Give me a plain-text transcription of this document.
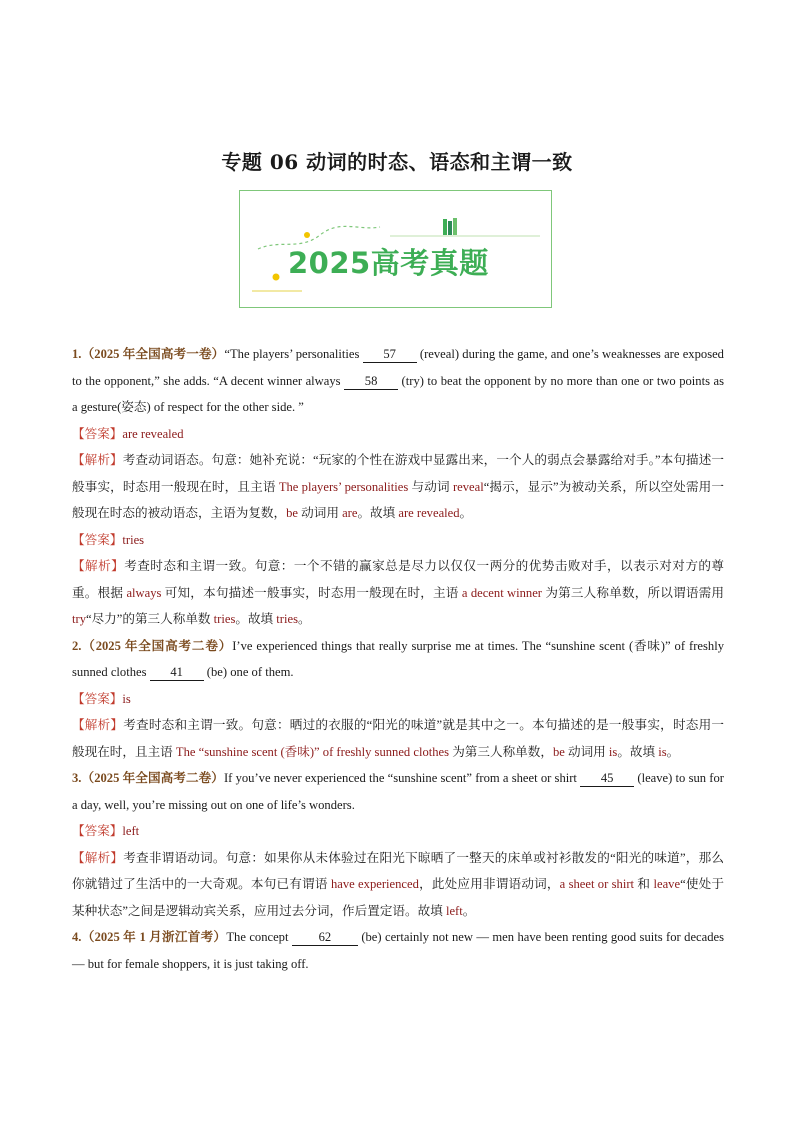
专题 06 动词的时态、语态和主谓一致
2025高考真题

1.（2025 年全国高考一卷）“The players’ personalities 57 (reveal) during the game, and one’s weaknesses are exposed to the opponent,” she adds. “A decent winner always 58 (try) to beat the opponent by no more than one or two points as a gesture(姿态) of respect for the other side. ”

【答案】are revealed

【解析】考查动词语态。句意：她补充说：“玩家的个性在游戏中显露出来，一个人的弱点会暴露给对手。”本句描述一般事实，时态用一般现在时，且主语 The players’ personalities 与动词 reveal“揭示，显示”为被动关系，所以空处需用一般现在时态的被动语态，主语为复数，be 动词用 are。故填 are revealed。

【答案】tries

【解析】考查时态和主谓一致。句意：一个不错的赢家总是尽力以仅仅一两分的优势击败对手，以表示对对方的尊重。根据 always 可知，本句描述一般事实，时态用一般现在时，主语 a decent winner 为第三人称单数，所以谓语需用 try“尽力”的第三人称单数 tries。故填 tries。

2.（2025 年全国高考二卷）I’ve experienced things that really surprise me at times. The “sunshine scent (香味)” of freshly sunned clothes 41 (be) one of them.

【答案】is

【解析】考查时态和主谓一致。句意：晒过的衣服的“阳光的味道”就是其中之一。本句描述的是一般事实，时态用一般现在时，且主语 The “sunshine scent (香味)” of freshly sunned clothes 为第三人称单数，be 动词用 is。故填 is。

3.（2025 年全国高考二卷）If you’ve never experienced the “sunshine scent” from a sheet or shirt 45 (leave) to sun for a day, well, you’re missing out on one of life’s wonders.

【答案】left

【解析】考查非谓语动词。句意：如果你从未体验过在阳光下晾晒了一整天的床单或衬衫散发的“阳光的味道”，那么你就错过了生活中的一大奇观。本句已有谓语 have experienced，此处应用非谓语动词，a sheet or shirt 和 leave“使处于某种状态”之间是逻辑动宾关系，应用过去分词，作后置定语。故填 left。

4.（2025 年 1 月浙江首考）The concept 62 (be) certainly not new — men have been renting good suits for decades — but for female shoppers, it is just taking off.
